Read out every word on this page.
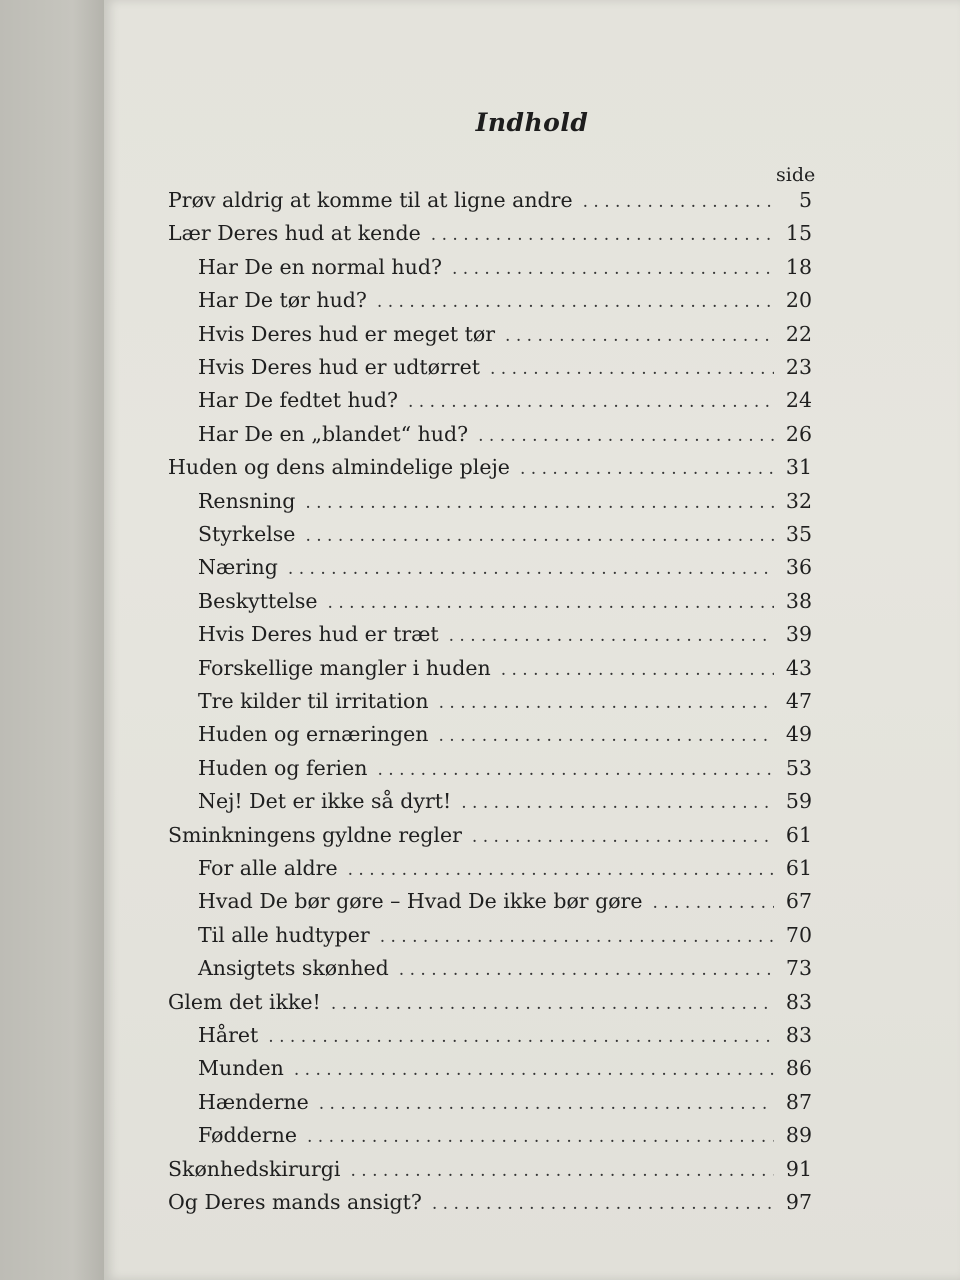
Indhold
side
Prøv aldrig at komme til at ligne andre . . .	5
Lær Deres hud at kende . . .	15
Har De en normal hud? . . .	18
Har De tør hud? . . .	20
Hvis Deres hud er meget tør . . .	22
Hvis Deres hud er udtørret . . .	23
Har De fedtet hud? . . .	24
Har De en „blandet“ hud? . . .	26
Huden og dens almindelige pleje . . .	31
Rensning . . .	32
Styrkelse . . .	35
Næring . . .	36
Beskyttelse . . .	38
Hvis Deres hud er træt . . .	39
Forskellige mangler i huden . . .	43
Tre kilder til irritation . . .	47
Huden og ernæringen . . .	49
Huden og ferien . . .	53
Nej! Det er ikke så dyrt! . . .	59
Sminkningens gyldne regler . . .	61
For alle aldre . . .	61
Hvad De bør gøre – Hvad De ikke bør gøre . . .	67
Til alle hudtyper . . .	70
Ansigtets skønhed . . .	73
Glem det ikke! . . .	83
Håret . . .	83
Munden . . .	86
Hænderne . . .	87
Fødderne . . .	89
Skønhedskirurgi . . .	91
Og Deres mands ansigt? . . .	97
